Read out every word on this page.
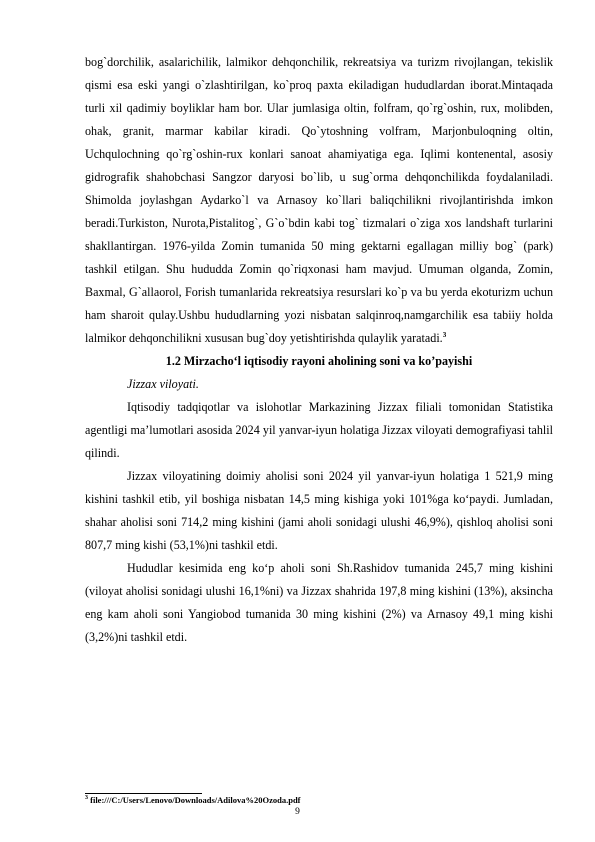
bog`dorchilik, asalarichilik, lalmikor dehqonchilik, rekreatsiya va turizm rivojlangan, tekislik qismi esa eski yangi o`zlashtirilgan, ko`proq paxta ekiladigan hududlardan iborat.Mintaqada turli xil qadimiy boyliklar ham bor. Ular jumlasiga oltin, folfram, qo`rg`oshin, rux, molibden, ohak, granit, marmar kabilar kiradi. Qo`ytoshning volfram, Marjonbuloqning oltin, Uchqulochning qo`rg`oshin-rux konlari sanoat ahamiyatiga ega. Iqlimi kontenental, asosiy gidrografik shahobchasi Sangzor daryosi bo`lib, u sug`orma dehqonchilikda foydalaniladi. Shimolda joylashgan Aydarko`l va Arnasoy ko`llari baliqchilikni rivojlantirishda imkon beradi.Turkiston, Nurota,Pistalitog`, G`o`bdin kabi tog` tizmalari o`ziga xos landshaft turlarini shakllantirgan. 1976-yilda Zomin tumanida 50 ming gektarni egallagan milliy bog` (park) tashkil etilgan. Shu hududda Zomin qo`riqxonasi ham mavjud. Umuman olganda, Zomin, Baxmal, G`allaorol, Forish tumanlarida rekreatsiya resurslari ko`p va bu yerda ekoturizm uchun ham sharoit qulay.Ushbu hududlarning yozi nisbatan salqinroq,namgarchilik esa tabiiy holda lalmikor dehqonchilikni xususan bug`doy yetishtirishda qulaylik yaratadi.$^3$

1.2 Mirzacho‘l iqtisodiy rayoni aholining soni va ko’payishi

Jizzax viloyati.

Iqtisodiy tadqiqotlar va islohotlar Markazining Jizzax filiali tomonidan Statistika agentligi ma’lumotlari asosida 2024 yil yanvar-iyun holatiga Jizzax viloyati demografiyasi tahlil qilindi.

Jizzax viloyatining doimiy aholisi soni 2024 yil yanvar-iyun holatiga 1 521,9 ming kishini tashkil etib, yil boshiga nisbatan 14,5 ming kishiga yoki 101%ga ko‘paydi. Jumladan, shahar aholisi soni 714,2 ming kishini (jami aholi sonidagi ulushi 46,9%), qishloq aholisi soni 807,7 ming kishi (53,1%)ni tashkil etdi.

Hududlar kesimida eng ko‘p aholi soni Sh.Rashidov tumanida 245,7 ming kishini (viloyat aholisi sonidagi ulushi 16,1%ni) va Jizzax shahrida 197,8 ming kishini (13%), aksincha eng kam aholi soni Yangiobod tumanida 30 ming kishini (2%) va Arnasoy 49,1 ming kishi (3,2%)ni tashkil etdi.

$^3$ file:///C:/Users/Lenovo/Downloads/Adilova%20Ozoda.pdf
9
